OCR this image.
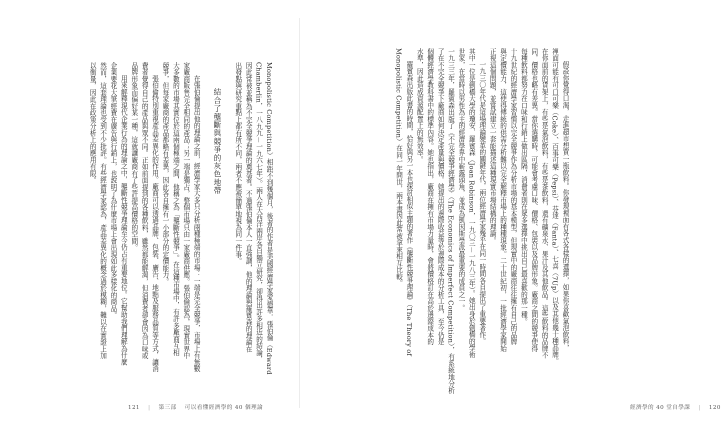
假設你覺得口渴，走進超市想買一瓶飲料。你發現裡面有各式各樣的選擇，如果你喜歡氣泡飲料，
裡面可能有可口可樂（Coke）、百事可樂（Pepsi）、芬達（Fanta）、七喜（7Up）以及其他幾十種品牌。
在你面前的貨架上，有些是氣泡飲料，有些是茶飲料，還有礦泉水、果汁及其他飲品。這些飲料的品牌不
同，價格也略有差異。當你選購時，可能會考慮口味、價格、包裝以及品牌形象。廠商之間的競爭使得
每種飲料都努力在口味和行銷上做出區隔，消費者則在眾多選擇中挑出自己最喜歡的那一種。
十九世紀的經濟學家習慣以完全競爭作為分析市場的基本模型，但現實中的廠商往往擁有自己的品牌
與定價能力，這使得傳統的供需分析難以完全解釋市場上的種種現象。二十世紀初，一批經濟學家開始
正視這個問題，並嘗試建立一套能描述這種現實市場結構的理論。
一九三〇年代是這場理論變革的關鍵年代，兩位經濟學家幾乎在同一時間各自提出了重要著作。
其中一位是劍橋大學的瓊安．羅賓森（Joan Robinson，一九〇三－一九八三年）。她出身於劍橋的學術
世家，在當時以男性為主的經濟學界中嶄露頭角，並成為凱因斯學派最重要的成員之一。
一九三三年，羅賓森出版了《不完全競爭經濟學》（The Economics of Imperfect Competition），有系統地分析
了在不完全競爭下廠商如何決定產量與價格。她提出的邊際收益等於邊際成本的分析工具，至今仍是
個體經濟學教科書中的標準內容。她也指出，廠商在擁有市場力量時，會將價格訂在高於邊際成本的
水準，因此造成資源配置上的無效率。
羅賓森出版此書的時間，恰好與另一本也探討相似主題的著作《壟斷性競爭理論》（The Theory of
Monopolistic Competition）在同一年問世，兩本書因此常被拿來相互比較。
經濟學的 40 堂自學課 | 120
Monopolistic Competition）相距不到幾個月，後者的作者是美國經濟學家愛德華．張伯倫（Edward
Chamberlin，一八九九－一九六七年）。兩人在大西洋兩岸各自獨立研究，卻得出許多相近的結論，
因此常被並稱為不完全競爭理論的奠基者。不過張伯倫本人一直強調，他的理論與羅賓森的理論在
出發點與研究重點上都有所不同，兩者不應被簡單地視為同一件事。
結合了壟斷與競爭的灰色地帶
在張伯倫提出他的理論之前，經濟學家大多只分析兩種極端的市場：一端是完全競爭，市場上有無數
家廠商販售完全相同的產品；另一端是獨占，整個市場只由一家廠商供應。張伯倫認為，現實世界中
大多數的市場其實位於這兩個極端之間，他稱之為「壟斷性競爭」。在這種市場中，有許多廠商互相
競爭，但每家廠商的產品都略有差異，因此各自擁有一小部分的定價能力。
張伯倫特別重視產品差異化的作用。廠商可以透過品牌、包裝、廣告、地點及服務品質等方式，讓消
費者覺得自己的產品與眾不同。正如前面提到的各種飲料，雖然都能解渴，但消費者卻會因為口味或
品牌形象而偏好某一種，這就讓廠商有了些許提高價格的空間。
用來解釋現代企業行為的理論之中，壟斷性競爭理論至今仍占有重要地位。它幫助我們理解為什麼
企業要花大筆經費在廣告與行銷上，也說明了為什麼市場上會出現如此多樣化的商品。
然而，這套理論也受到不少批評。有些經濟學家認為，產品差異化的概念過於模糊，難以在實證上加
以衡量，因此在政策分析上的應用有限。
121 | 第三部 可以看懂經濟學的 40 個理論
